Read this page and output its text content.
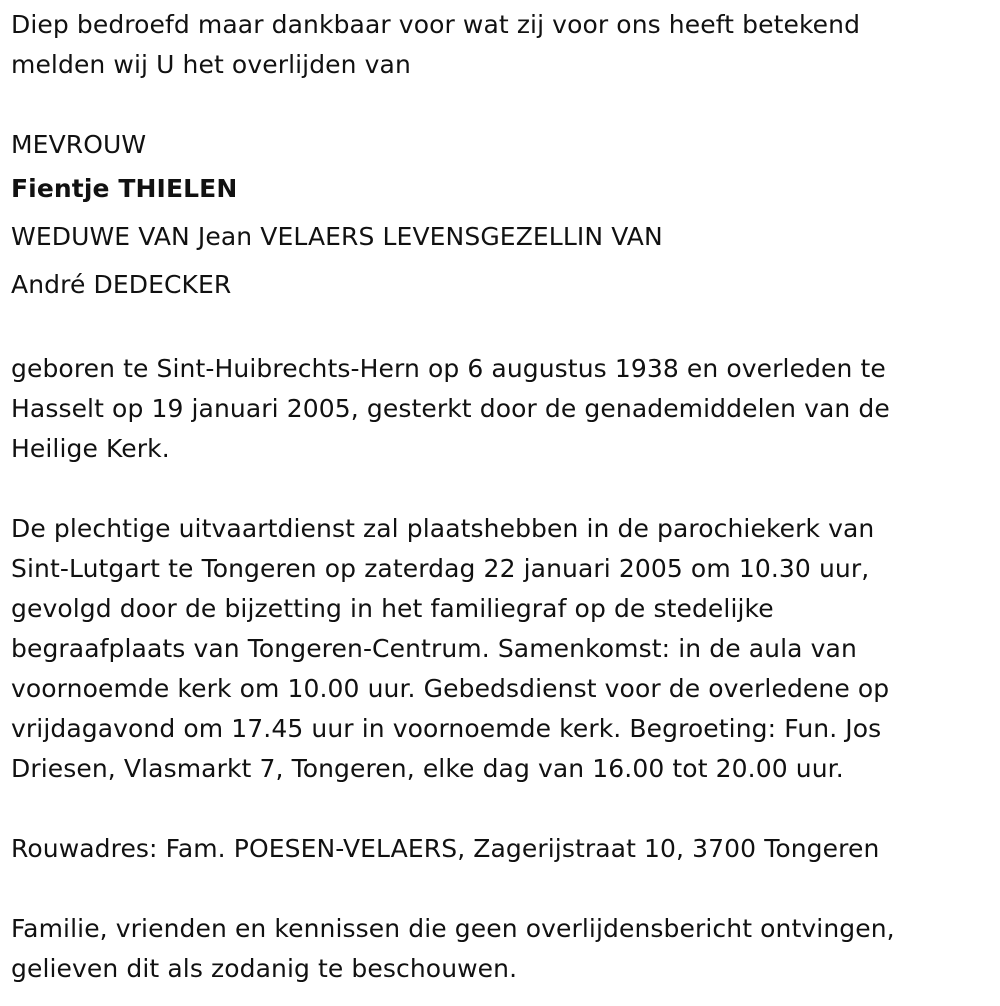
Diep bedroefd maar dankbaar voor wat zij voor ons heeft betekend
melden wij U het overlijden van
MEVROUW
Fientje THIELEN
WEDUWE VAN Jean VELAERS LEVENSGEZELLIN VAN
André DEDECKER
geboren te Sint-Huibrechts-Hern op 6 augustus 1938 en overleden te
Hasselt op 19 januari 2005, gesterkt door de genademiddelen van de
Heilige Kerk.
De plechtige uitvaartdienst zal plaatshebben in de parochiekerk van
Sint-Lutgart te Tongeren op zaterdag 22 januari 2005 om 10.30 uur,
gevolgd door de bijzetting in het familiegraf op de stedelijke
begraafplaats van Tongeren-Centrum. Samenkomst: in de aula van
voornoemde kerk om 10.00 uur. Gebedsdienst voor de overledene op
vrijdagavond om 17.45 uur in voornoemde kerk. Begroeting: Fun. Jos
Driesen, Vlasmarkt 7, Tongeren, elke dag van 16.00 tot 20.00 uur.
Rouwadres: Fam. POESEN-VELAERS, Zagerijstraat 10, 3700 Tongeren
Familie, vrienden en kennissen die geen overlijdensbericht ontvingen,
gelieven dit als zodanig te beschouwen.
